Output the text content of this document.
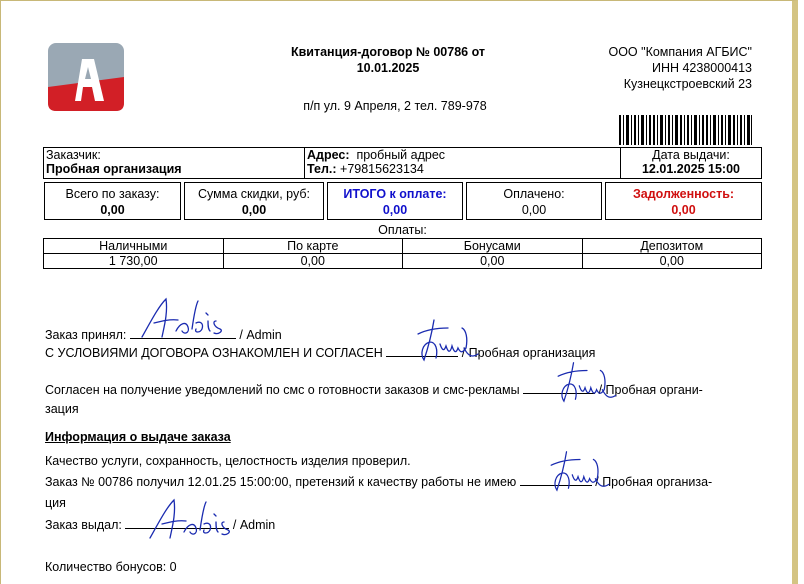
Квитанция-договор № 00786 от
10.01.2025
п/п ул. 9 Апреля, 2 тел. 789-978
ООО "Компания АГБИС"
ИНН 4238000413
Кузнецкстроевский 23
Заказчик:
Пробная организация
Адрес: пробный адрес
Тел.: +79815623134
Дата выдачи:
12.01.2025 15:00
Всего по заказу:
0,00
Сумма скидки, руб:
0,00
ИТОГО к оплате:
0,00
Оплачено:
0,00
Задолженность:
0,00
Оплаты:
Наличными	По карте	Бонусами	Депозитом
1 730,00	0,00	0,00	0,00
Заказ принял:	/ Admin
С УСЛОВИЯМИ ДОГОВОРА ОЗНАКОМЛЕН И СОГЛАСЕН	/ Пробная организация
Согласен на получение уведомлений по смс о готовности заказов и смс-рекламы	/ Пробная органи-
зация
Информация о выдаче заказа
Качество услуги, сохранность, целостность изделия проверил.
Заказ № 00786 получил 12.01.25 15:00:00, претензий к качеству работы не имею	/ Пробная организа-
ция
Заказ выдал:	/ Admin
Количество бонусов: 0
